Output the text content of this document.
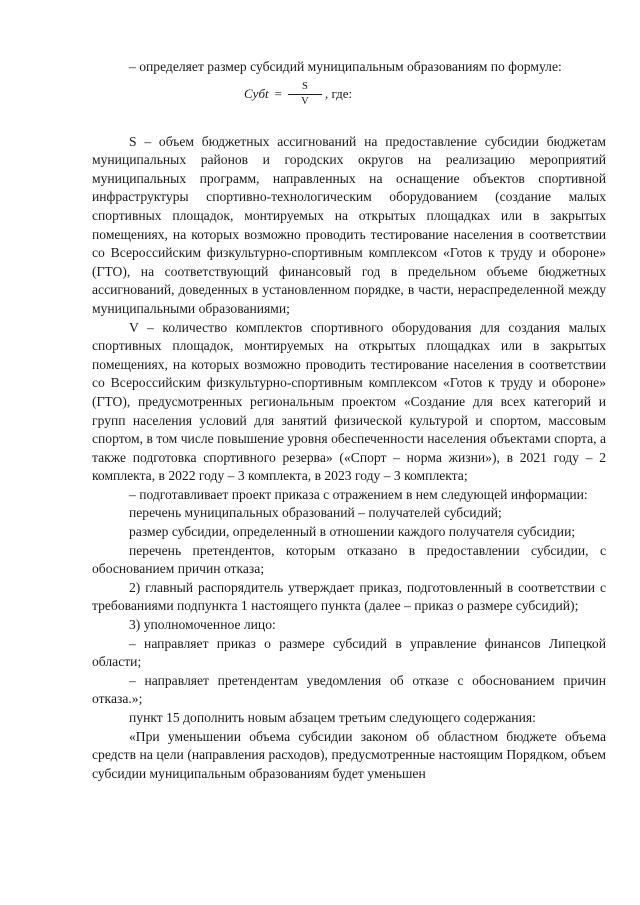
– определяет размер субсидий муниципальным образованиям по формуле:

Субt = $\frac{S}{V}$ , где:

S – объем бюджетных ассигнований на предоставление субсидии бюджетам муниципальных районов и городских округов на реализацию мероприятий муниципальных программ, направленных на оснащение объектов спортивной инфраструктуры спортивно-технологическим оборудованием (создание малых спортивных площадок, монтируемых на открытых площадках или в закрытых помещениях, на которых возможно проводить тестирование населения в соответствии со Всероссийским физкультурно-спортивным комплексом «Готов к труду и обороне» (ГТО), на соответствующий финансовый год в предельном объеме бюджетных ассигнований, доведенных в установленном порядке, в части, нераспределенной между муниципальными образованиями;

V – количество комплектов спортивного оборудования для создания малых спортивных площадок, монтируемых на открытых площадках или в закрытых помещениях, на которых возможно проводить тестирование населения в соответствии со Всероссийским физкультурно-спортивным комплексом «Готов к труду и обороне» (ГТО), предусмотренных региональным проектом «Создание для всех категорий и групп населения условий для занятий физической культурой и спортом, массовым спортом, в том числе повышение уровня обеспеченности населения объектами спорта, а также подготовка спортивного резерва» («Спорт – норма жизни»), в 2021 году – 2 комплекта, в 2022 году – 3 комплекта, в 2023 году – 3 комплекта;

– подготавливает проект приказа с отражением в нем следующей информации:

перечень муниципальных образований – получателей субсидий;

размер субсидии, определенный в отношении каждого получателя субсидии;

перечень претендентов, которым отказано в предоставлении субсидии, с обоснованием причин отказа;

2) главный распорядитель утверждает приказ, подготовленный в соответствии с требованиями подпункта 1 настоящего пункта (далее – приказ о размере субсидий);

3) уполномоченное лицо:

– направляет приказ о размере субсидий в управление финансов Липецкой области;

– направляет претендентам уведомления об отказе с обоснованием причин отказа.»;

пункт 15 дополнить новым абзацем третьим следующего содержания:

«При уменьшении объема субсидии законом об областном бюджете объема средств на цели (направления расходов), предусмотренные настоящим Порядком, объем субсидии муниципальным образованиям будет уменьшен
